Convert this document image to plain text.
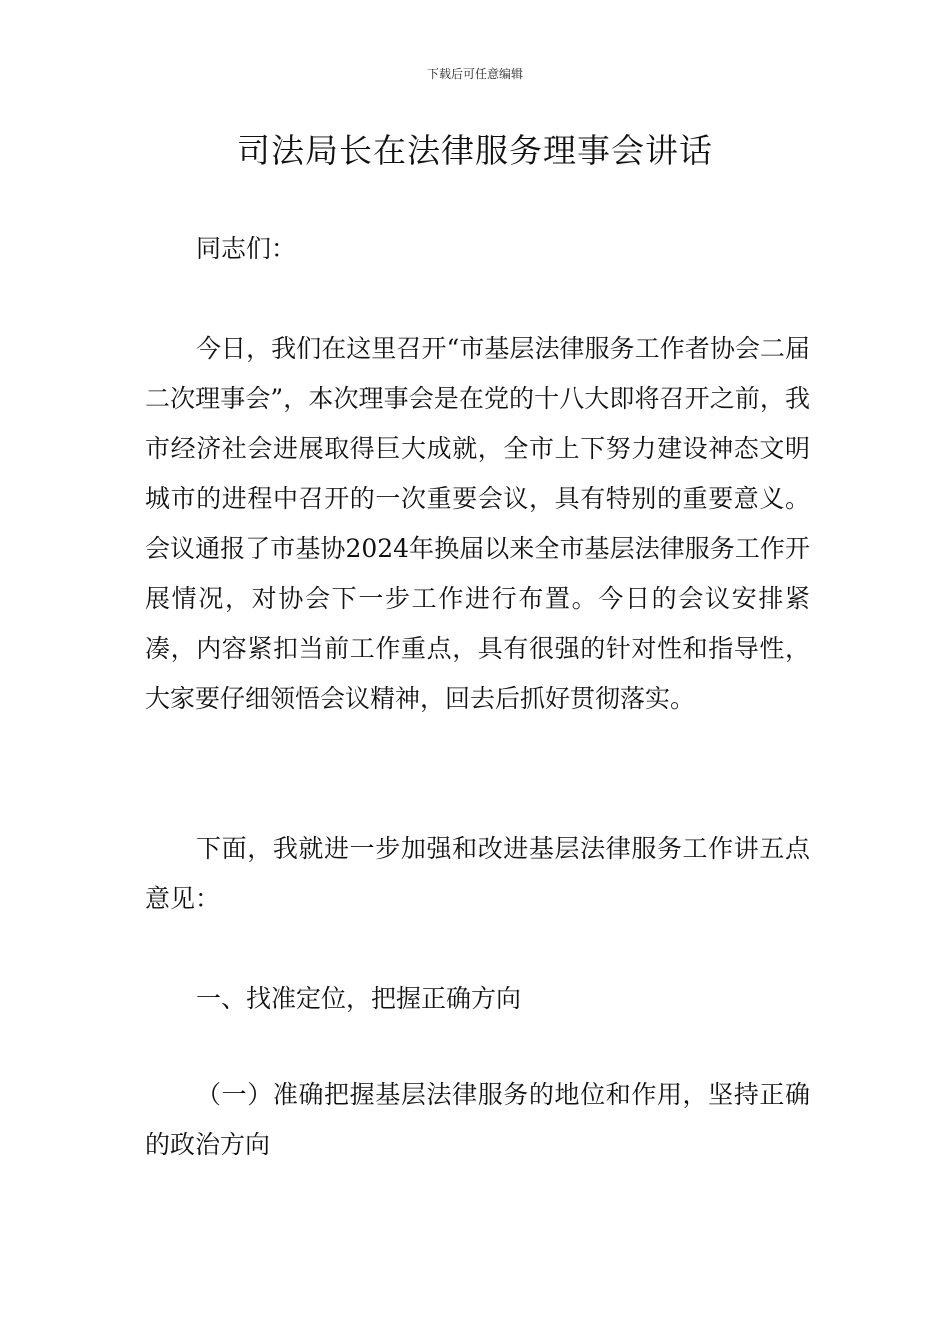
下载后可任意编辑
司法局长在法律服务理事会讲话

同志们：

今日，我们在这里召开“市基层法律服务工作者协会二届二次理事会”，本次理事会是在党的十八大即将召开之前，我市经济社会进展取得巨大成就，全市上下努力建设神态文明城市的进程中召开的一次重要会议，具有特别的重要意义。会议通报了市基协2024年换届以来全市基层法律服务工作开展情况，对协会下一步工作进行布置。今日的会议安排紧凑，内容紧扣当前工作重点，具有很强的针对性和指导性，大家要仔细领悟会议精神，回去后抓好贯彻落实。

下面，我就进一步加强和改进基层法律服务工作讲五点意见：

一、找准定位，把握正确方向

（一）准确把握基层法律服务的地位和作用，坚持正确的政治方向
